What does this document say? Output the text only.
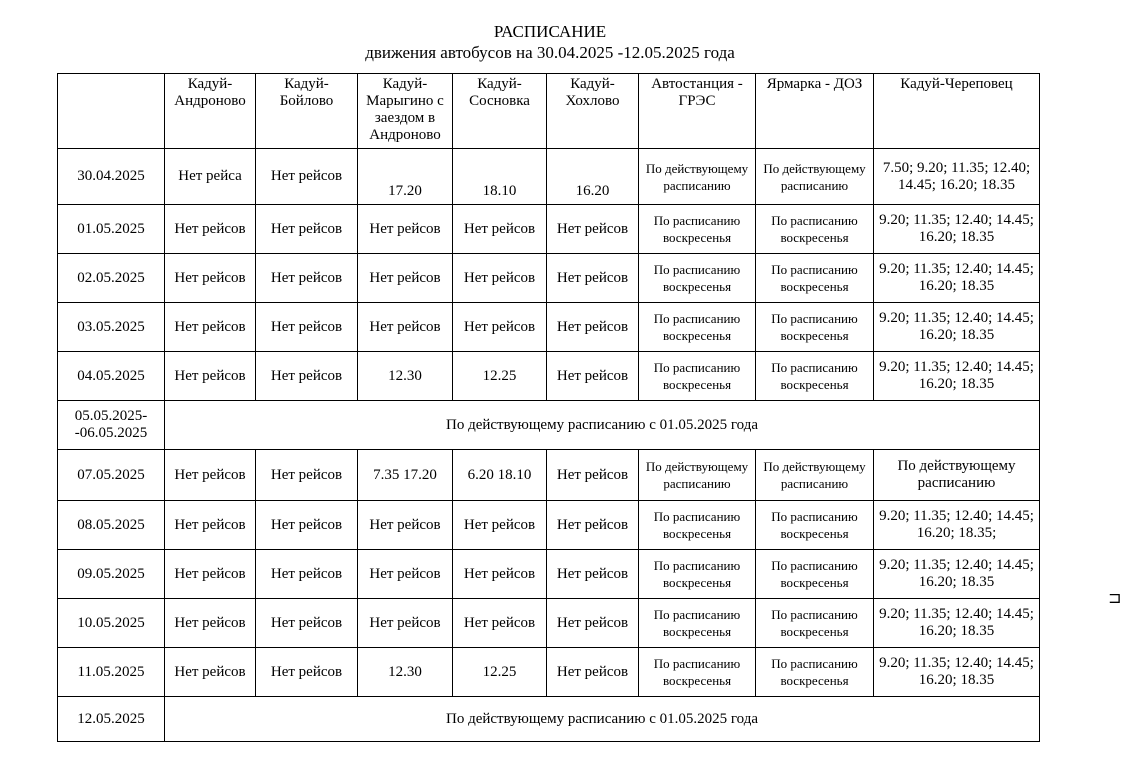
РАСПИСАНИЕ
движения автобусов на 30.04.2025 -12.05.2025 года
	Кадуй-Андроново	Кадуй-Бойлово	Кадуй-Марыгино с заездом в Андроново	Кадуй-Сосновка	Кадуй-Хохлово	Автостанция - ГРЭС	Ярмарка - ДОЗ	Кадуй-Череповец
30.04.2025	Нет рейса	Нет рейсов	17.20	18.10	16.20	По действующему расписанию	По действующему расписанию	7.50; 9.20; 11.35; 12.40; 14.45; 16.20; 18.35
01.05.2025	Нет рейсов	Нет рейсов	Нет рейсов	Нет рейсов	Нет рейсов	По расписанию воскресенья	По расписанию воскресенья	9.20; 11.35; 12.40; 14.45; 16.20; 18.35
02.05.2025	Нет рейсов	Нет рейсов	Нет рейсов	Нет рейсов	Нет рейсов	По расписанию воскресенья	По расписанию воскресенья	9.20; 11.35; 12.40; 14.45; 16.20; 18.35
03.05.2025	Нет рейсов	Нет рейсов	Нет рейсов	Нет рейсов	Нет рейсов	По расписанию воскресенья	По расписанию воскресенья	9.20; 11.35; 12.40; 14.45; 16.20; 18.35
04.05.2025	Нет рейсов	Нет рейсов	12.30	12.25	Нет рейсов	По расписанию воскресенья	По расписанию воскресенья	9.20; 11.35; 12.40; 14.45; 16.20; 18.35
05.05.2025- -06.05.2025	По действующему расписанию с 01.05.2025 года							
07.05.2025	Нет рейсов	Нет рейсов	7.35 17.20	6.20 18.10	Нет рейсов	По действующему расписанию	По действующему расписанию	По действующему расписанию
08.05.2025	Нет рейсов	Нет рейсов	Нет рейсов	Нет рейсов	Нет рейсов	По расписанию воскресенья	По расписанию воскресенья	9.20; 11.35; 12.40; 14.45; 16.20; 18.35;
09.05.2025	Нет рейсов	Нет рейсов	Нет рейсов	Нет рейсов	Нет рейсов	По расписанию воскресенья	По расписанию воскресенья	9.20; 11.35; 12.40; 14.45; 16.20; 18.35
10.05.2025	Нет рейсов	Нет рейсов	Нет рейсов	Нет рейсов	Нет рейсов	По расписанию воскресенья	По расписанию воскресенья	9.20; 11.35; 12.40; 14.45; 16.20; 18.35
11.05.2025	Нет рейсов	Нет рейсов	12.30	12.25	Нет рейсов	По расписанию воскресенья	По расписанию воскресенья	9.20; 11.35; 12.40; 14.45; 16.20; 18.35
12.05.2025	По действующему расписанию с 01.05.2025 года							
⊐
